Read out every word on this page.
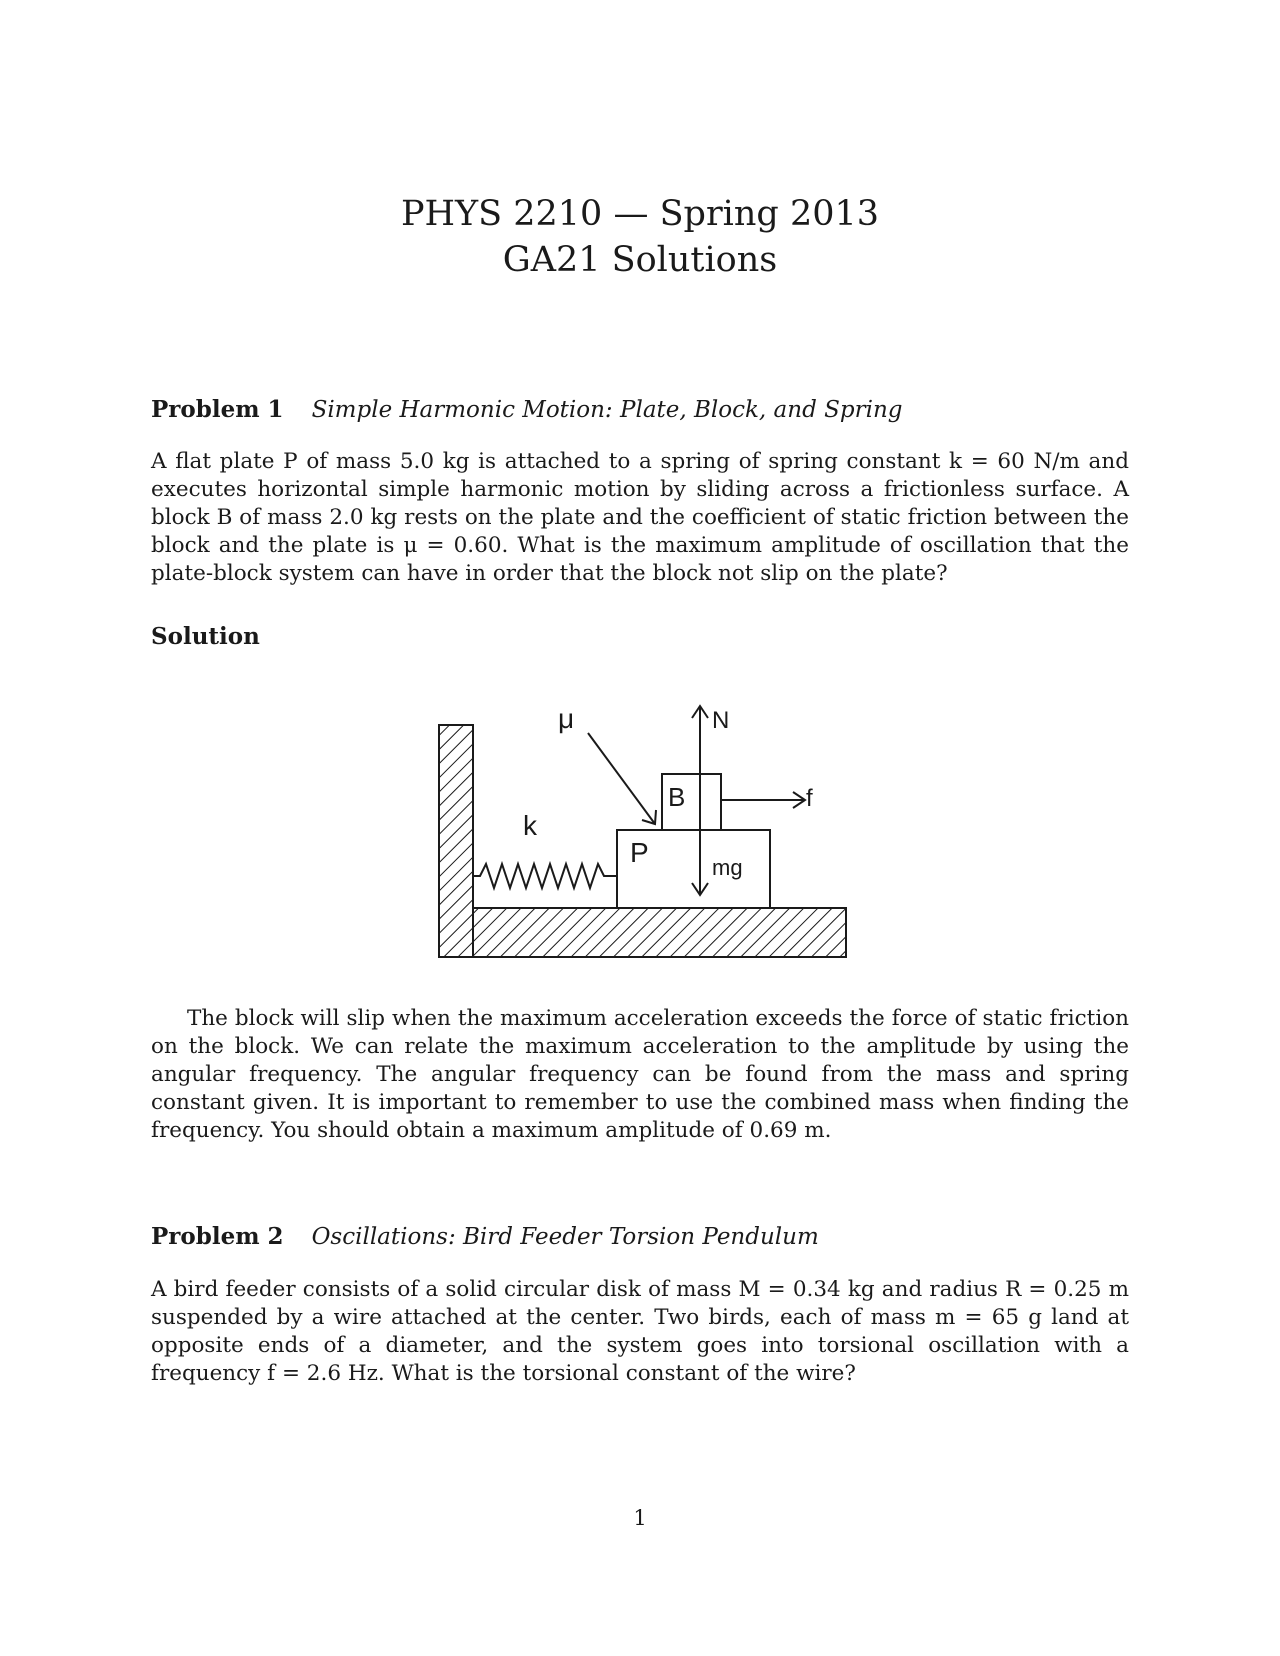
PHYS 2210 — Spring 2013
GA21 Solutions
Problem 1 Simple Harmonic Motion: Plate, Block, and Spring
A flat plate P of mass 5.0 kg is attached to a spring of spring constant k = 60 N/m and executes horizontal simple harmonic motion by sliding across a frictionless surface. A block B of mass 2.0 kg rests on the plate and the coefficient of static friction between the block and the plate is μ = 0.60. What is the maximum amplitude of oscillation that the plate-block system can have in order that the block not slip on the plate?
Solution
μ	N
B	f
k
P	mg
The block will slip when the maximum acceleration exceeds the force of static friction on the block. We can relate the maximum acceleration to the amplitude by using the angular frequency. The angular frequency can be found from the mass and spring constant given. It is important to remember to use the combined mass when finding the frequency. You should obtain a maximum amplitude of 0.69 m.
Problem 2 Oscillations: Bird Feeder Torsion Pendulum
A bird feeder consists of a solid circular disk of mass M = 0.34 kg and radius R = 0.25 m suspended by a wire attached at the center. Two birds, each of mass m = 65 g land at opposite ends of a diameter, and the system goes into torsional oscillation with a frequency f = 2.6 Hz. What is the torsional constant of the wire?
1
